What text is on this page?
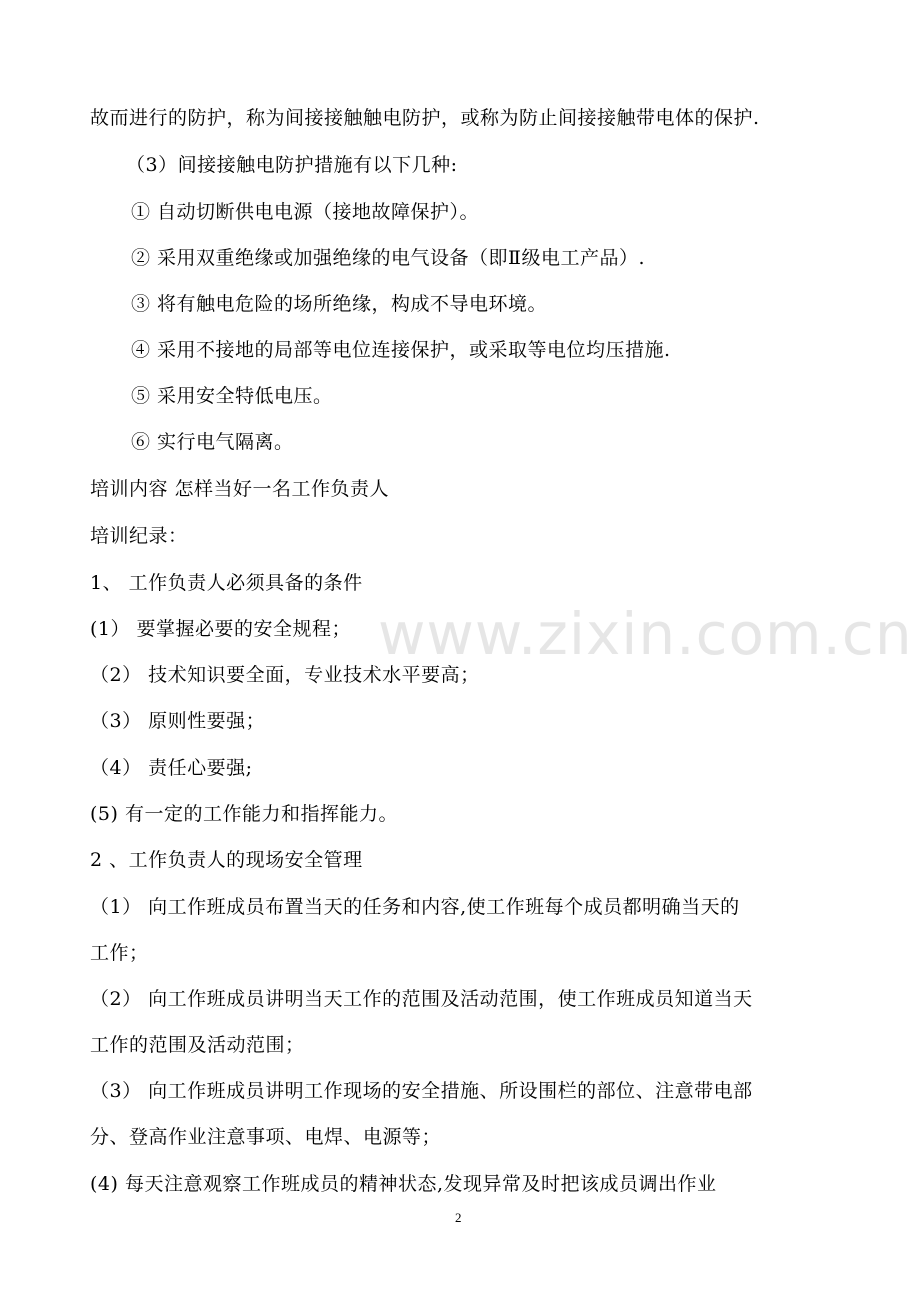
www.zixin.com.cn
故而进行的防护，称为间接接触触电防护，或称为防止间接接触带电体的保护.
（3）间接接触电防护措施有以下几种:
① 自动切断供电电源（接地故障保护）。
② 采用双重绝缘或加强绝缘的电气设备（即Ⅱ级电工产品）.
③ 将有触电危险的场所绝缘，构成不导电环境。
④ 采用不接地的局部等电位连接保护，或采取等电位均压措施.
⑤ 采用安全特低电压。
⑥ 实行电气隔离。
培训内容 怎样当好一名工作负责人
培训纪录：
1、 工作负责人必须具备的条件
(1） 要掌握必要的安全规程；
（2） 技术知识要全面，专业技术水平要高；
（3） 原则性要强；
（4） 责任心要强;
(5) 有一定的工作能力和指挥能力。
2 、工作负责人的现场安全管理
（1） 向工作班成员布置当天的任务和内容,使工作班每个成员都明确当天的
工作；
（2） 向工作班成员讲明当天工作的范围及活动范围，使工作班成员知道当天
工作的范围及活动范围；
（3） 向工作班成员讲明工作现场的安全措施、所设围栏的部位、注意带电部
分、登高作业注意事项、电焊、电源等；
(4) 每天注意观察工作班成员的精神状态,发现异常及时把该成员调出作业
2
